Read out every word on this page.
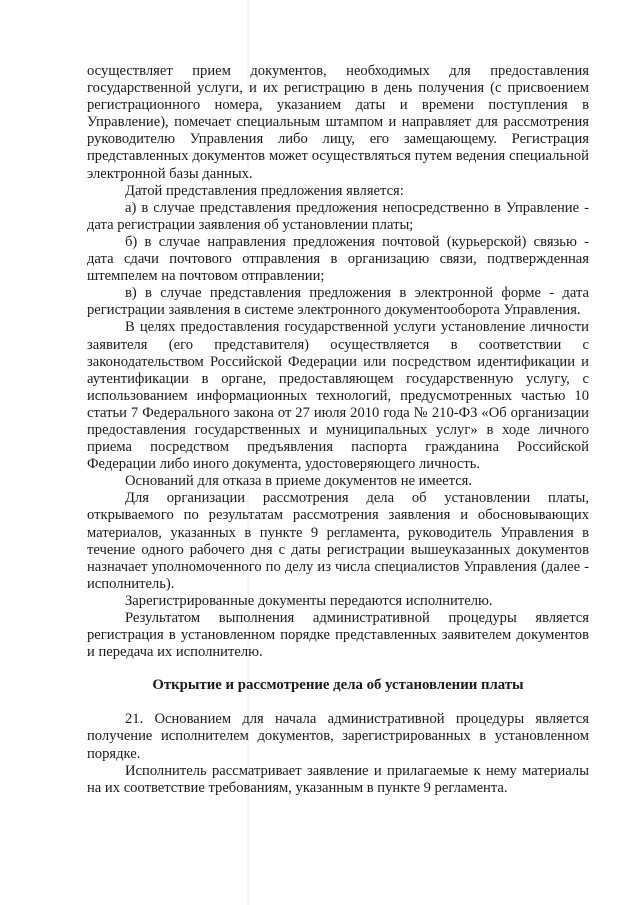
осуществляет прием документов, необходимых для предоставления государственной услуги, и их регистрацию в день получения (с присвоением регистрационного номера, указанием даты и времени поступления в Управление), помечает специальным штампом и направляет для рассмотрения руководителю Управления либо лицу, его замещающему. Регистрация представленных документов может осуществляться путем ведения специальной электронной базы данных.

Датой представления предложения является:

а) в случае представления предложения непосредственно в Управление - дата регистрации заявления об установлении платы;

б) в случае направления предложения почтовой (курьерской) связью - дата сдачи почтового отправления в организацию связи, подтвержденная штемпелем на почтовом отправлении;

в) в случае представления предложения в электронной форме - дата регистрации заявления в системе электронного документооборота Управления.

В целях предоставления государственной услуги установление личности заявителя (его представителя) осуществляется в соответствии с законодательством Российской Федерации или посредством идентификации и аутентификации в органе, предоставляющем государственную услугу, с использованием информационных технологий, предусмотренных частью 10 статьи 7 Федерального закона от 27 июля 2010 года № 210-ФЗ «Об организации предоставления государственных и муниципальных услуг» в ходе личного приема посредством предъявления паспорта гражданина Российской Федерации либо иного документа, удостоверяющего личность.

Оснований для отказа в приеме документов не имеется.

Для организации рассмотрения дела об установлении платы, открываемого по результатам рассмотрения заявления и обосновывающих материалов, указанных в пункте 9 регламента, руководитель Управления в течение одного рабочего дня с даты регистрации вышеуказанных документов назначает уполномоченного по делу из числа специалистов Управления (далее - исполнитель).

Зарегистрированные документы передаются исполнителю.

Результатом выполнения административной процедуры является регистрация в установленном порядке представленных заявителем документов и передача их исполнителю.

Открытие и рассмотрение дела об установлении платы

21. Основанием для начала административной процедуры является получение исполнителем документов, зарегистрированных в установленном порядке.

Исполнитель рассматривает заявление и прилагаемые к нему материалы на их соответствие требованиям, указанным в пункте 9 регламента.
